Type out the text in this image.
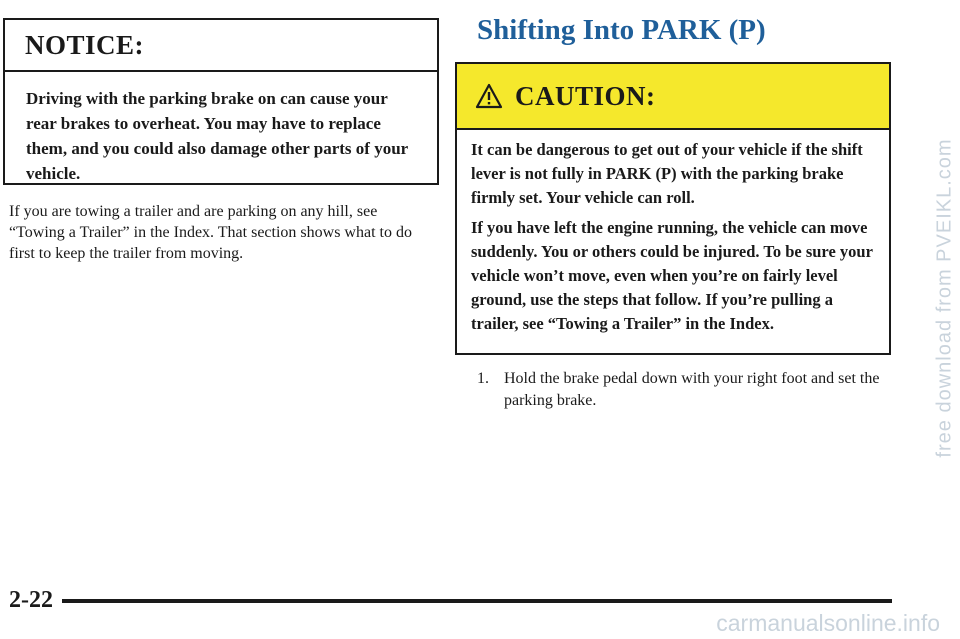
NOTICE:

Driving with the parking brake on can cause your rear brakes to overheat. You may have to replace them, and you could also damage other parts of your vehicle.

If you are towing a trailer and are parking on any hill, see “Towing a Trailer” in the Index. That section shows what to do first to keep the trailer from moving.

Shifting Into PARK (P)
CAUTION:

It can be dangerous to get out of your vehicle if the shift lever is not fully in PARK (P) with the parking brake firmly set. Your vehicle can roll.

If you have left the engine running, the vehicle can move suddenly. You or others could be injured. To be sure your vehicle won’t move, even when you’re on fairly level ground, use the steps that follow. If you’re pulling a trailer, see “Towing a Trailer” in the Index.

1. Hold the brake pedal down with your right foot and set the parking brake.
2-22
free download from PVEIKL.com
carmanualsonline.info
